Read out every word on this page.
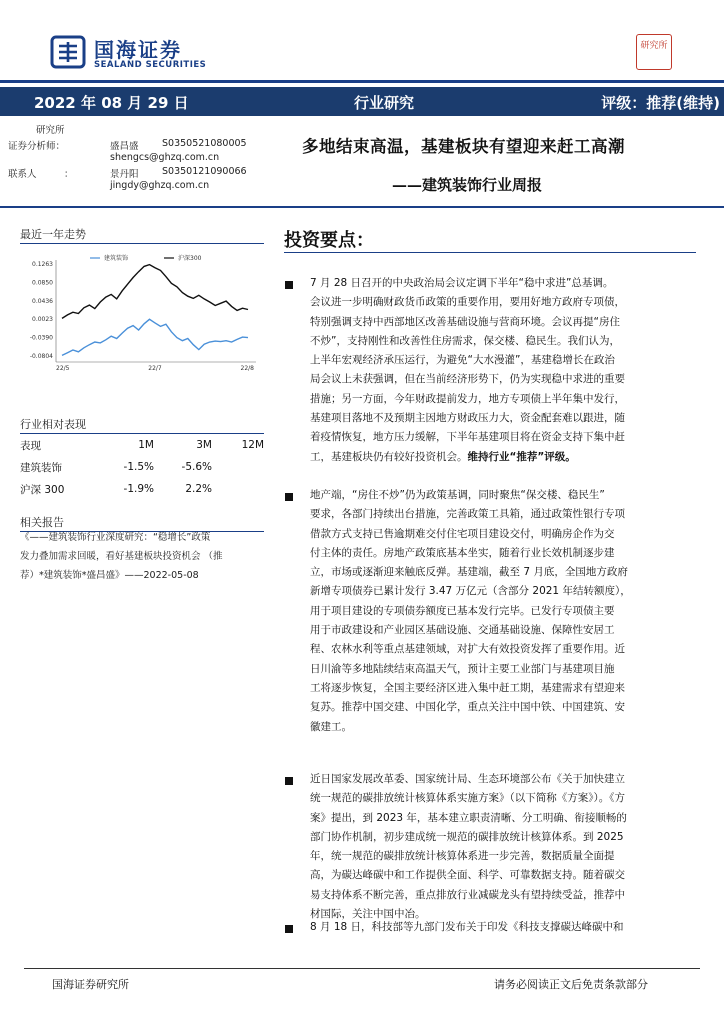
国海证券
SEALAND SECURITIES
研究所
2022 年 08 月 29 日	行业研究	评级：推荐(维持)
研究所
证券分析师：	盛昌盛 S0350521080005
shengcs@ghzq.com.cn
联系人	：	景丹阳 S0350121090066
jingdy@ghzq.com.cn
多地结束高温，基建板块有望迎来赶工高潮
——建筑装饰行业周报
最近一年走势
建筑装饰	沪深300
0.1263
0.0850
0.0436
0.0023
-0.0390
-0.0804
22/5	22/7	22/8
行业相对表现
表现	1M	3M	12M
建筑装饰	-1.5%	-5.6%	
沪深 300	-1.9%	2.2%	
相关报告
《——建筑装饰行业深度研究：“稳增长”政策
发力叠加需求回暖，看好基建板块投资机会 （推
荐）*建筑装饰*盛昌盛》——2022-05-08
投资要点：
7 月 28 日召开的中央政治局会议定调下半年“稳中求进”总基调。
会议进一步明确财政货币政策的重要作用，要用好地方政府专项债，
特别强调支持中西部地区改善基础设施与营商环境。会议再提“房住
不炒”，支持刚性和改善性住房需求，保交楼、稳民生。我们认为，
上半年宏观经济承压运行，为避免“大水漫灌”，基建稳增长在政治
局会议上未获强调，但在当前经济形势下，仍为实现稳中求进的重要
措施；另一方面，今年财政提前发力，地方专项债上半年集中发行，
基建项目落地不及预期主因地方财政压力大，资金配套难以跟进，随
着疫情恢复，地方压力缓解，下半年基建项目将在资金支持下集中赶
工，基建板块仍有较好投资机会。维持行业“推荐”评级。
地产端，“房住不炒”仍为政策基调，同时聚焦“保交楼、稳民生”
要求，各部门持续出台措施，完善政策工具箱，通过政策性银行专项
借款方式支持已售逾期难交付住宅项目建设交付，明确房企作为交
付主体的责任。房地产政策底基本坐实，随着行业长效机制逐步建
立，市场或逐渐迎来触底反弹。基建端，截至 7 月底，全国地方政府
新增专项债券已累计发行 3.47 万亿元（含部分 2021 年结转额度），
用于项目建设的专项债券额度已基本发行完毕。已发行专项债主要
用于市政建设和产业园区基础设施、交通基础设施、保障性安居工
程、农林水利等重点基建领域，对扩大有效投资发挥了重要作用。近
日川渝等多地陆续结束高温天气，预计主要工业部门与基建项目施
工将逐步恢复，全国主要经济区进入集中赶工期，基建需求有望迎来
复苏。推荐中国交建、中国化学，重点关注中国中铁、中国建筑、安
徽建工。
近日国家发展改革委、国家统计局、生态环境部公布《关于加快建立
统一规范的碳排放统计核算体系实施方案》（以下简称《方案》）。《方
案》提出，到 2023 年，基本建立职责清晰、分工明确、衔接顺畅的
部门协作机制，初步建成统一规范的碳排放统计核算体系。到 2025
年，统一规范的碳排放统计核算体系进一步完善，数据质量全面提
高，为碳达峰碳中和工作提供全面、科学、可靠数据支持。随着碳交
易支持体系不断完善，重点排放行业减碳龙头有望持续受益，推荐中
材国际，关注中国中冶。
8 月 18 日，科技部等九部门发布关于印发《科技支撑碳达峰碳中和
国海证券研究所	请务必阅读正文后免责条款部分
